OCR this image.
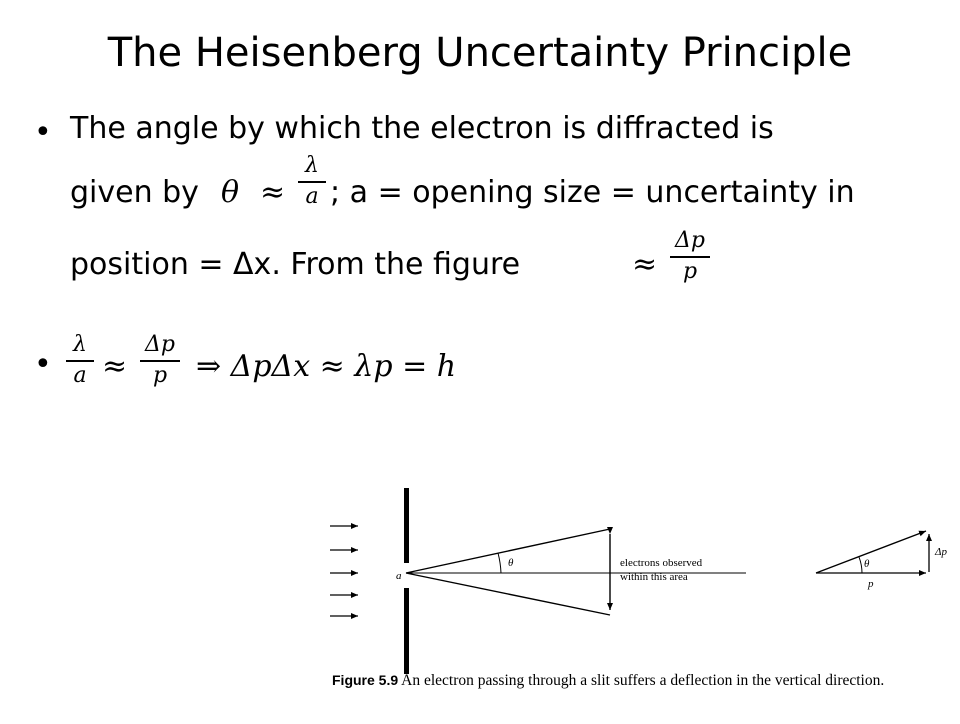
The Heisenberg Uncertainty Principle
• The angle by which the electron is diffracted is
given by θ ≈
λ
a ; a = opening size = uncertainty in
position = Δx. From the figure	≈
Δp
p
•
λ
a ≈
Δp
p ⇒ ΔpΔx ≈ λp = h
a
θ	electrons observed
within this area
θ
p
Δp
Figure 5.9 An electron passing through a slit suffers a deflection in the vertical direction.
